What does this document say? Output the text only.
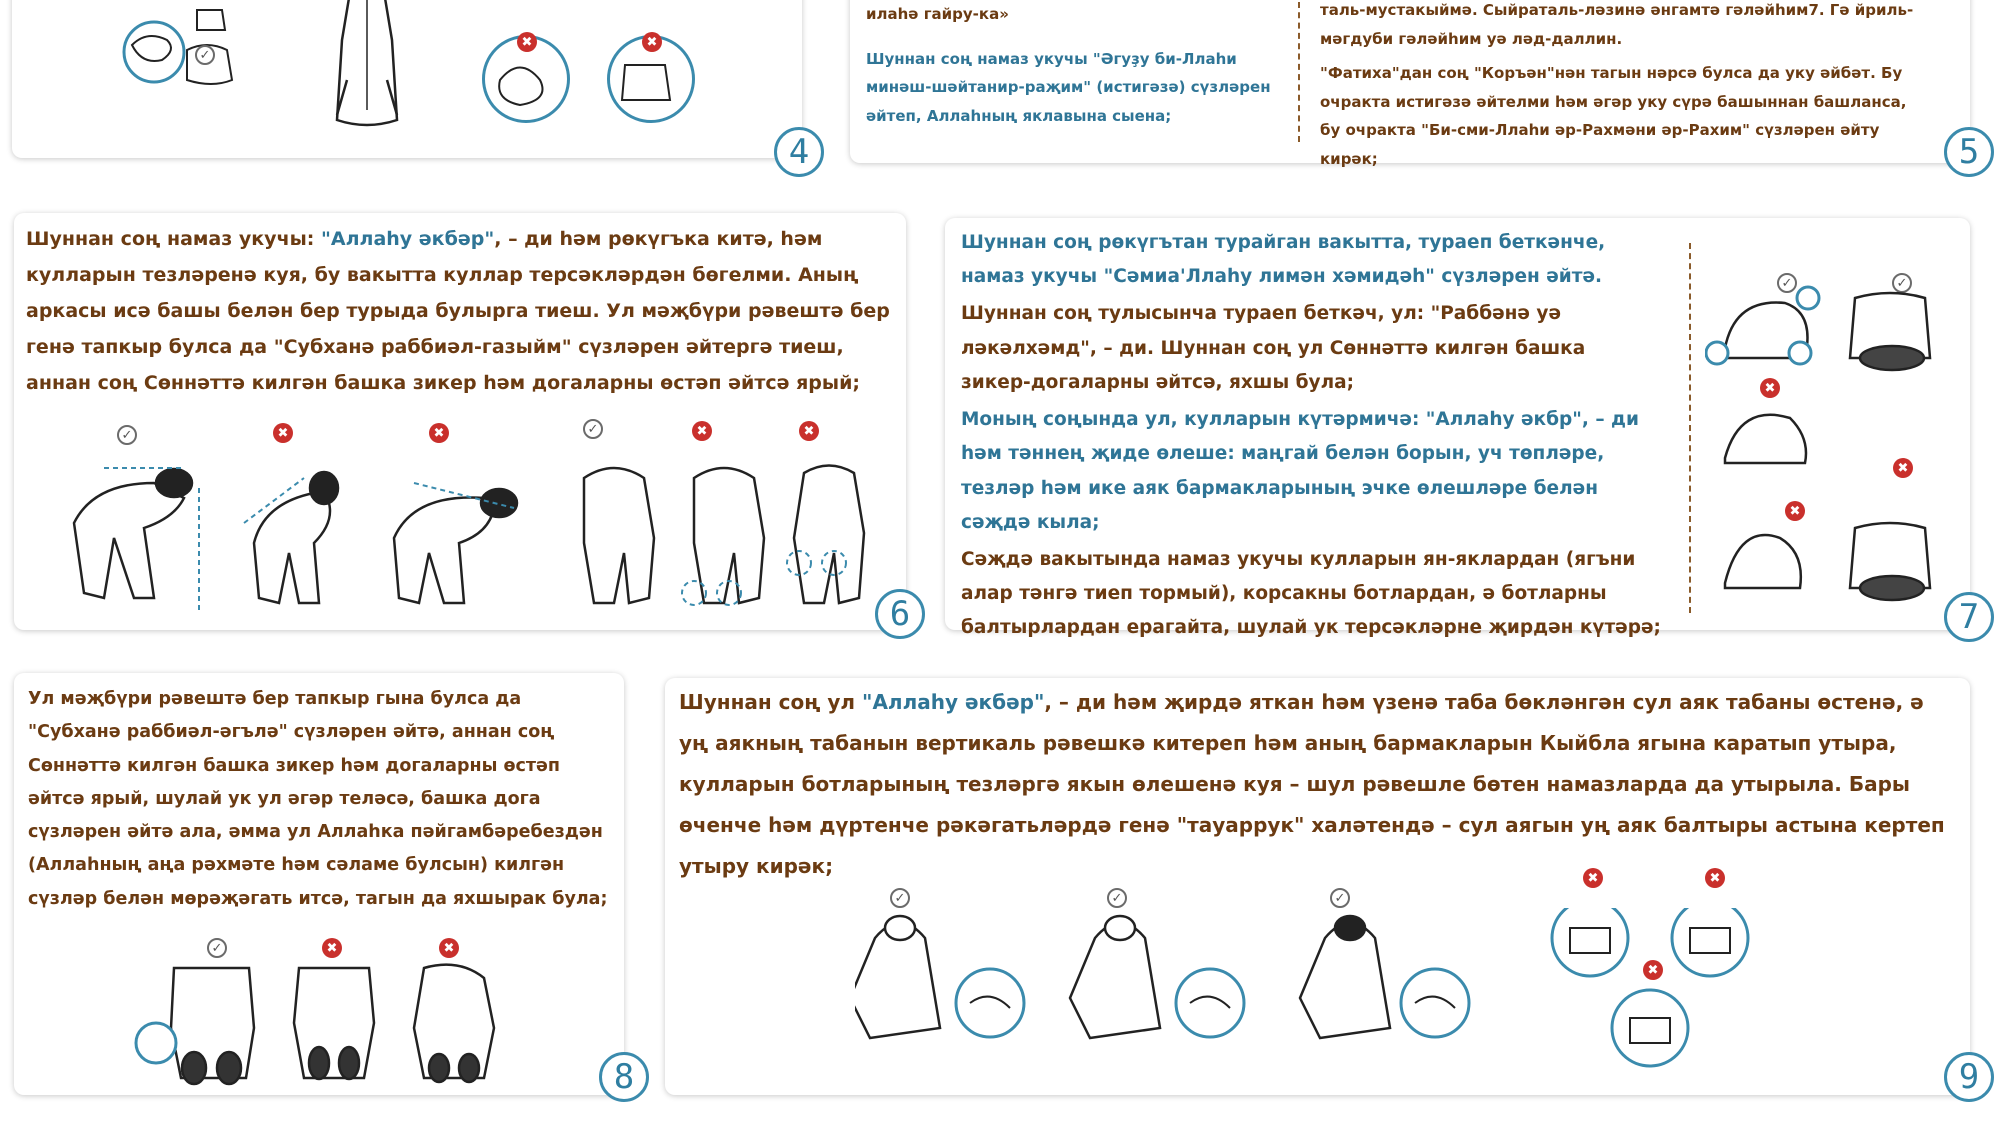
✓
✖	✖
4

илаһә гайру-ка»

Шуннан соң намаз укучы "Әгуҙу би-Ллаһи минәш-шәйтанир-раҗим" (истигәзә) сүзләрен әйтеп, Аллаһның яклавына сыена;

таль-мустакыймә. Сыйраталь-ләзинә әнгамтә гәләйһим7. Гә йриль-мәгдуби гәләйһим уә ләд-даллин.

"Фатиха"дан соң "Коръән"нән тагын нәрсә булса да уку әйбәт. Бу очракта истигәзә әйтелми һәм әгәр уку сүрә башыннан башланса, бу очракта "Би-сми-Ллаһи әр-Рахмәни әр-Рахим" сүзләрен әйту кирәк;	5
Шуннан соң намаз укучы: "Аллаһу әкбәр", – ди һәм рөкүгъка китә, һәм кулларын тезләренә куя, бу вакытта куллар терсәкләрдән бөгелми. Аның аркасы исә башы белән бер турыда булырга тиеш. Ул мәҗбүри рәвештә бер генә тапкыр булса да "Субханә раббиәл-газыйм" сүзләрен әйтергә тиеш, аннан соң Сөннәттә килгән башка зикер һәм догаларны өстәп әйтсә ярый;
✓	✖	✖	✓	✖	✖
6

Шуннан соң рөкүгътан турайган вакытта, тураеп беткәнче, намаз укучы "Сәмиа'Ллаһу лимән хәмидәһ" сүзләрен әйтә.

Шуннан соң тулысынча тураеп беткәч, ул: "Раббәнә уә ләкәлхәмд", – ди. Шуннан соң ул Сөннәттә килгән башка зикер-догаларны әйтсә, яхшы була;

Моның соңында ул, кулларын күтәрмичә: "Аллаһу әкбр", – ди һәм тәннең җиде өлеше: маңгай белән борын, уч төпләре, тезләр һәм ике аяк бармакларының эчке өлешләре белән сәҗдә кыла;

Сәҗдә вакытында намаз укучы кулларын ян-яклардан (ягъни алар тәнгә тиеп тормый), корсакны ботлардан, ә ботларны балтырлардан ерагайта, шулай ук терсәкләрне җирдән күтәрә;

✓	✓
✖
✖
✖
7

Ул мәҗбүри рәвештә бер тапкыр гына булса да "Субханә раббиәл-әгълә" сүзләрен әйтә, аннан соң Сөннәттә килгән башка зикер һәм догаларны өстәп әйтсә ярый, шулай ук ул әгәр теләсә, башка дога сүзләрен әйтә ала, әмма ул Аллаһка пәйгамбәребездән (Аллаһның аңа рәхмәте һәм сәламе булсын) килгән сүзләр белән мөрәҗәгать итсә, тагын да яхшырак була;

✓	✖	✖
8
Шуннан соң ул "Аллаһу әкбәр", – ди һәм җирдә яткан һәм үзенә таба бөкләнгән сул аяк табаны өстенә, ә уң аякның табанын вертикаль рәвешкә китереп һәм аның бармакларын Кыйбла ягына каратып утыра, кулларын ботларының тезләргә якын өлешенә куя – шул рәвешле бөтен намазларда да утырыла. Бары өченче һәм дүртенче рәкәгатьләрдә генә "тауаррук" халәтендә – сул аягын уң аяк балтыры астына кертеп утыру кирәк;
✓	✓	✓
✖	✖
✖
9
